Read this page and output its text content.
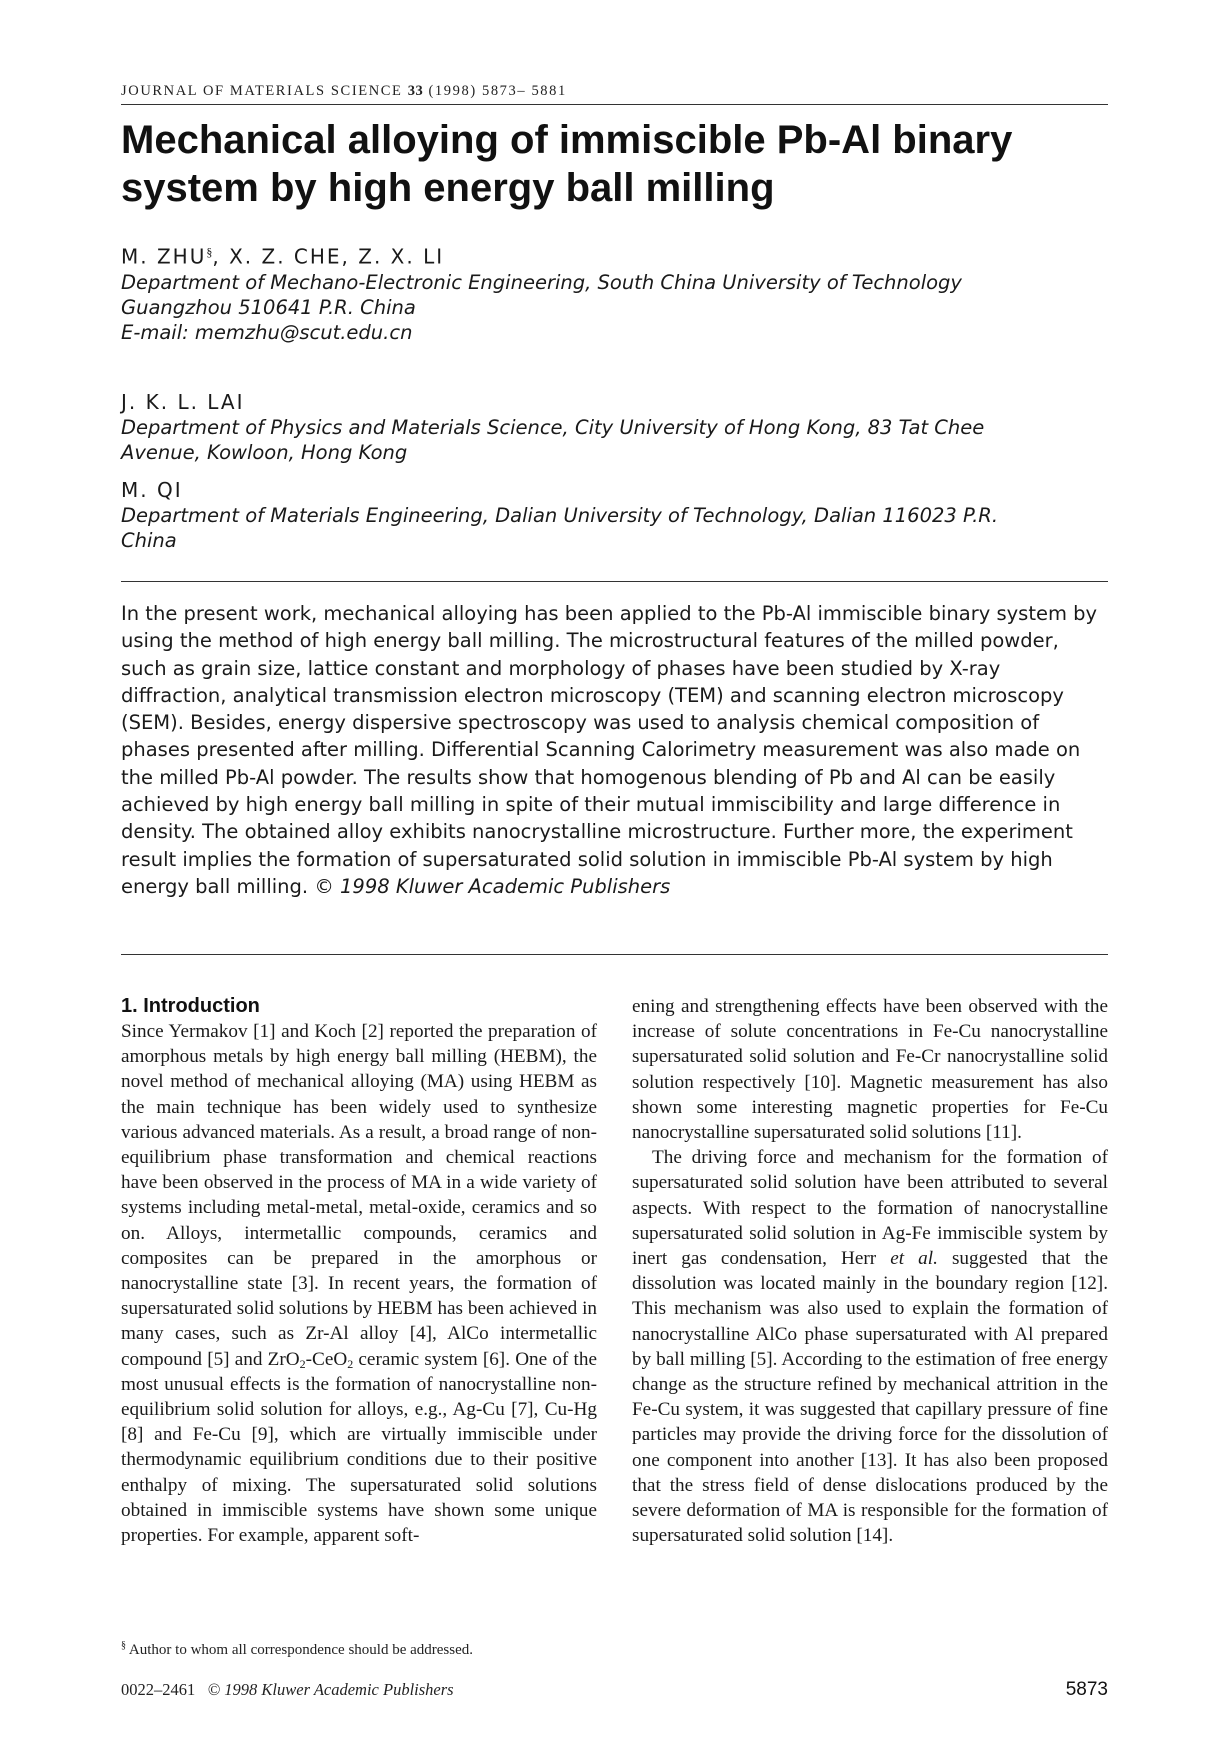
JOURNAL OF MATERIALS SCIENCE 33 (1998) 5873– 5881
Mechanical alloying of immiscible Pb-Al binary
system by high energy ball milling
M. ZHU§, X. Z. CHE, Z. X. LI
Department of Mechano-Electronic Engineering, South China University of Technology
Guangzhou 510641 P.R. China
E-mail: memzhu@scut.edu.cn
J. K. L. LAI
Department of Physics and Materials Science, City University of Hong Kong, 83 Tat Chee
Avenue, Kowloon, Hong Kong
M. QI
Department of Materials Engineering, Dalian University of Technology, Dalian 116023 P.R.
China

In the present work, mechanical alloying has been applied to the Pb-Al immiscible binary system by using the method of high energy ball milling. The microstructural features of the milled powder, such as grain size, lattice constant and morphology of phases have been studied by X-ray diffraction, analytical transmission electron microscopy (TEM) and scanning electron microscopy (SEM). Besides, energy dispersive spectroscopy was used to analysis chemical composition of phases presented after milling. Differential Scanning Calorimetry measurement was also made on the milled Pb-Al powder. The results show that homogenous blending of Pb and Al can be easily achieved by high energy ball milling in spite of their mutual immiscibility and large difference in density. The obtained alloy exhibits nanocrystalline microstructure. Further more, the experiment result implies the formation of supersaturated solid solution in immiscible Pb-Al system by high energy ball milling. © 1998 Kluwer Academic Publishers

1. Introduction

Since Yermakov [1] and Koch [2] reported the preparation of amorphous metals by high energy ball milling (HEBM), the novel method of mechanical alloying (MA) using HEBM as the main technique has been widely used to synthesize various advanced materials. As a result, a broad range of non-equilibrium phase transformation and chemical reactions have been observed in the process of MA in a wide variety of systems including metal-metal, metal-oxide, ceramics and so on. Alloys, intermetallic compounds, ceramics and composites can be prepared in the amorphous or nanocrystalline state [3]. In recent years, the formation of supersaturated solid solutions by HEBM has been achieved in many cases, such as Zr-Al alloy [4], AlCo intermetallic compound [5] and ZrO$_2$-CeO$_2$ ceramic system [6]. One of the most unusual effects is the formation of nanocrystalline non-equilibrium solid solution for alloys, e.g., Ag-Cu [7], Cu-Hg [8] and Fe-Cu [9], which are virtually immiscible under thermodynamic equilibrium conditions due to their positive enthalpy of mixing. The supersaturated solid solutions obtained in immiscible systems have shown some unique properties. For example, apparent soft-

ening and strengthening effects have been observed with the increase of solute concentrations in Fe-Cu nanocrystalline supersaturated solid solution and Fe-Cr nanocrystalline solid solution respectively [10]. Magnetic measurement has also shown some interesting magnetic properties for Fe-Cu nanocrystalline supersaturated solid solutions [11].

The driving force and mechanism for the formation of supersaturated solid solution have been attributed to several aspects. With respect to the formation of nanocrystalline supersaturated solid solution in Ag-Fe immiscible system by inert gas condensation, Herr et al. suggested that the dissolution was located mainly in the boundary region [12]. This mechanism was also used to explain the formation of nanocrystalline AlCo phase supersaturated with Al prepared by ball milling [5]. According to the estimation of free energy change as the structure refined by mechanical attrition in the Fe-Cu system, it was suggested that capillary pressure of fine particles may provide the driving force for the dissolution of one component into another [13]. It has also been proposed that the stress field of dense dislocations produced by the severe deformation of MA is responsible for the formation of supersaturated solid solution [14].

§ Author to whom all correspondence should be addressed.
0022–2461 © 1998 Kluwer Academic Publishers	5873
